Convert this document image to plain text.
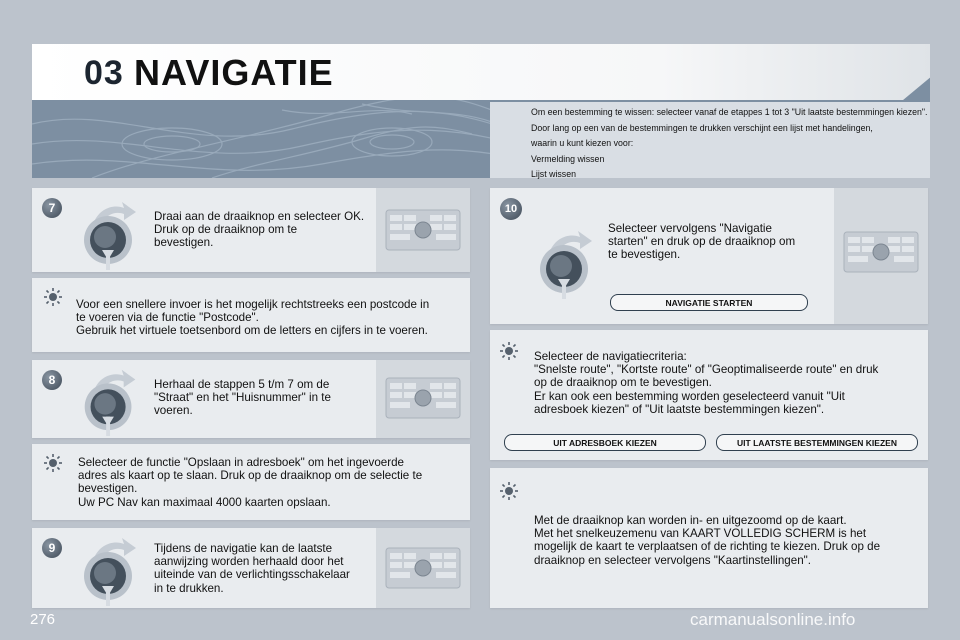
03 NAVIGATIE

Om een bestemming te wissen: selecteer vanaf de etappes 1 tot 3 "Uit laatste bestemmingen kiezen".

Door lang op een van de bestemmingen te drukken verschijnt een lijst met handelingen,

waarin u kunt kiezen voor:

Vermelding wissen

Lijst wissen

7
Draai aan de draaiknop en selecteer OK.
Druk op de draaiknop om te
bevestigen.
Voor een snellere invoer is het mogelijk rechtstreeks een postcode in
te voeren via de functie "Postcode".
Gebruik het virtuele toetsenbord om de letters en cijfers in te voeren.
8	Herhaal de stappen 5 t/m 7 om de
"Straat" en het "Huisnummer" in te
voeren.
Selecteer de functie "Opslaan in adresboek" om het ingevoerde
adres als kaart op te slaan. Druk op de draaiknop om de selectie te
bevestigen.
Uw PC Nav kan maximaal 4000 kaarten opslaan.
9	Tijdens de navigatie kan de laatste
aanwijzing worden herhaald door het
uiteinde van de verlichtingsschakelaar
in te drukken.
10
Selecteer vervolgens "Navigatie
starten" en druk op de draaiknop om
te bevestigen.
NAVIGATIE STARTEN
Selecteer de navigatiecriteria:
"Snelste route", "Kortste route" of "Geoptimaliseerde route" en druk
op de draaiknop om te bevestigen.
Er kan ook een bestemming worden geselecteerd vanuit "Uit
adresboek kiezen" of "Uit laatste bestemmingen kiezen".
UIT ADRESBOEK KIEZEN	UIT LAATSTE BESTEMMINGEN KIEZEN
Met de draaiknop kan worden in- en uitgezoomd op de kaart.
Met het snelkeuzemenu van KAART VOLLEDIG SCHERM is het
mogelijk de kaart te verplaatsen of de richting te kiezen. Druk op de
draaiknop en selecteer vervolgens "Kaartinstellingen".
276	carmanualsonline.info
